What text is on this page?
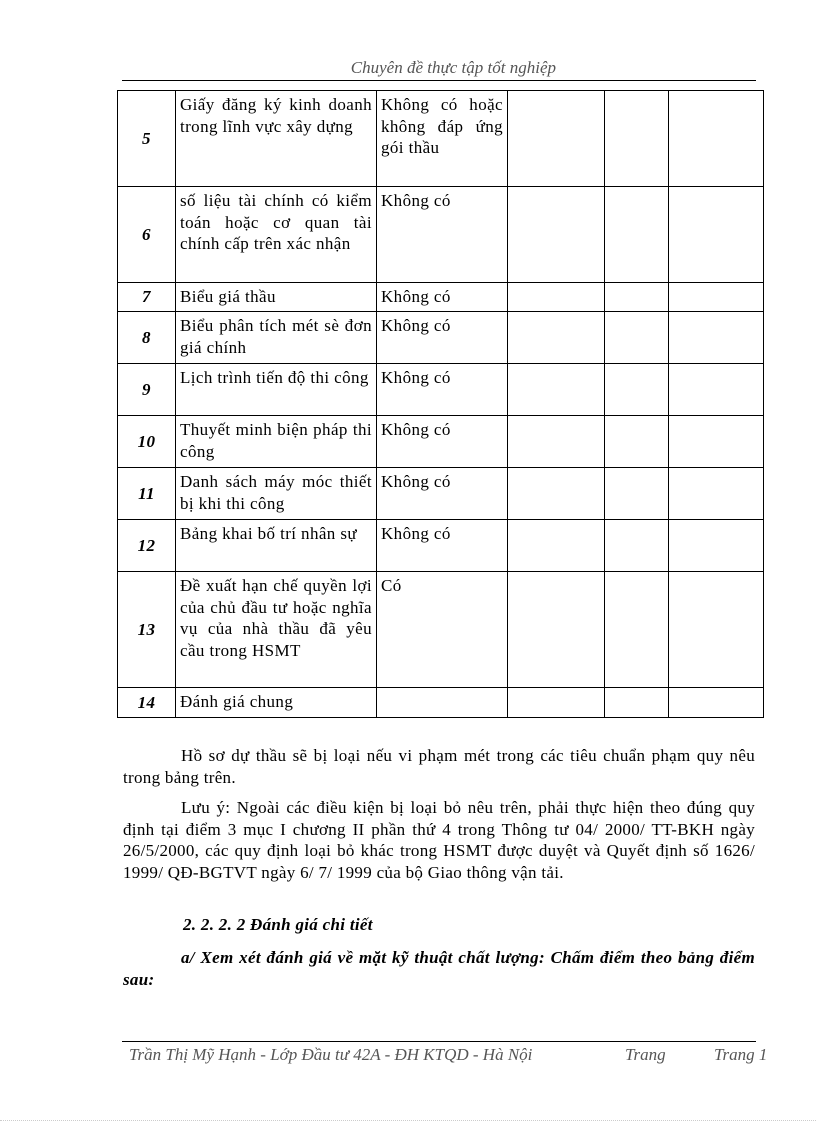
Chuyên đề thực tập tốt nghiệp
5	Giấy đăng ký kinh doanh trong lĩnh vực xây dựng	Không có hoặc không đáp ứng gói thầu			
6	số liệu tài chính có kiểm toán hoặc cơ quan tài chính cấp trên xác nhận	Không có			
7	Biểu giá thầu	Không có			
8	Biểu phân tích mét sè đơn giá chính	Không có			
9	Lịch trình tiến độ thi công	Không có			
10	Thuyết minh biện pháp thi công	Không có			
11	Danh sách máy móc thiết bị khi thi công	Không có			
12	Bảng khai bố trí nhân sự	Không có			
13	Đề xuất hạn chế quyền lợi của chủ đầu tư hoặc nghĩa vụ của nhà thầu đã yêu cầu trong HSMT	Có			
14	Đánh giá chung				
Hồ sơ dự thầu sẽ bị loại nếu vi phạm mét trong các tiêu chuẩn phạm quy nêu trong bảng trên.
Lưu ý: Ngoài các điều kiện bị loại bỏ nêu trên, phải thực hiện theo đúng quy định tại điểm 3 mục I chương II phần thứ 4 trong Thông tư 04/ 2000/ TT-BKH ngày 26/5/2000, các quy định loại bỏ khác trong HSMT được duyệt và Quyết định số 1626/ 1999/ QĐ-BGTVT ngày 6/ 7/ 1999 của bộ Giao thông vận tải.
2. 2. 2. 2 Đánh giá chi tiết
a/ Xem xét đánh giá về mặt kỹ thuật chất lượng: Chấm điểm theo bảng điểm sau:
Trần Thị Mỹ Hạnh - Lớp Đầu tư 42A - ĐH KTQD - Hà Nội	Trang	Trang 1
